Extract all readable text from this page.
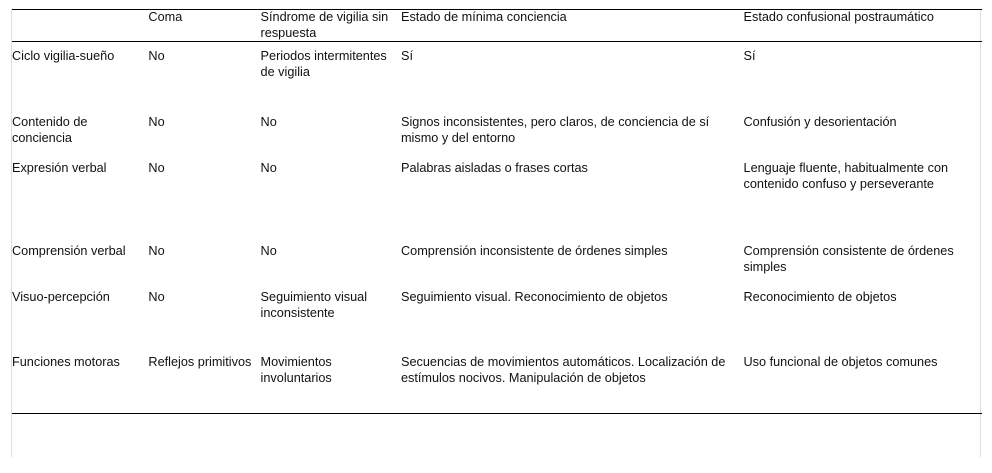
	Coma	Síndrome de vigilia sin respuesta	Estado de mínima conciencia	Estado confusional postraumático
Ciclo vigilia-sueño	No	Periodos intermitentes de vigilia	Sí	Sí
Contenido de conciencia	No	No	Signos inconsistentes, pero claros, de conciencia de sí mismo y del entorno	Confusión y desorientación
Expresión verbal	No	No	Palabras aisladas o frases cortas	Lenguaje fluente, habitualmente con contenido confuso y perseverante
Comprensión verbal	No	No	Comprensión inconsistente de órdenes simples	Comprensión consistente de órdenes simples
Visuo-percepción	No	Seguimiento visual inconsistente	Seguimiento visual. Reconocimiento de objetos	Reconocimiento de objetos
Funciones motoras	Reflejos primitivos	Movimientos involuntarios	Secuencias de movimientos automáticos. Localización de estímulos nocivos. Manipulación de objetos	Uso funcional de objetos comunes
